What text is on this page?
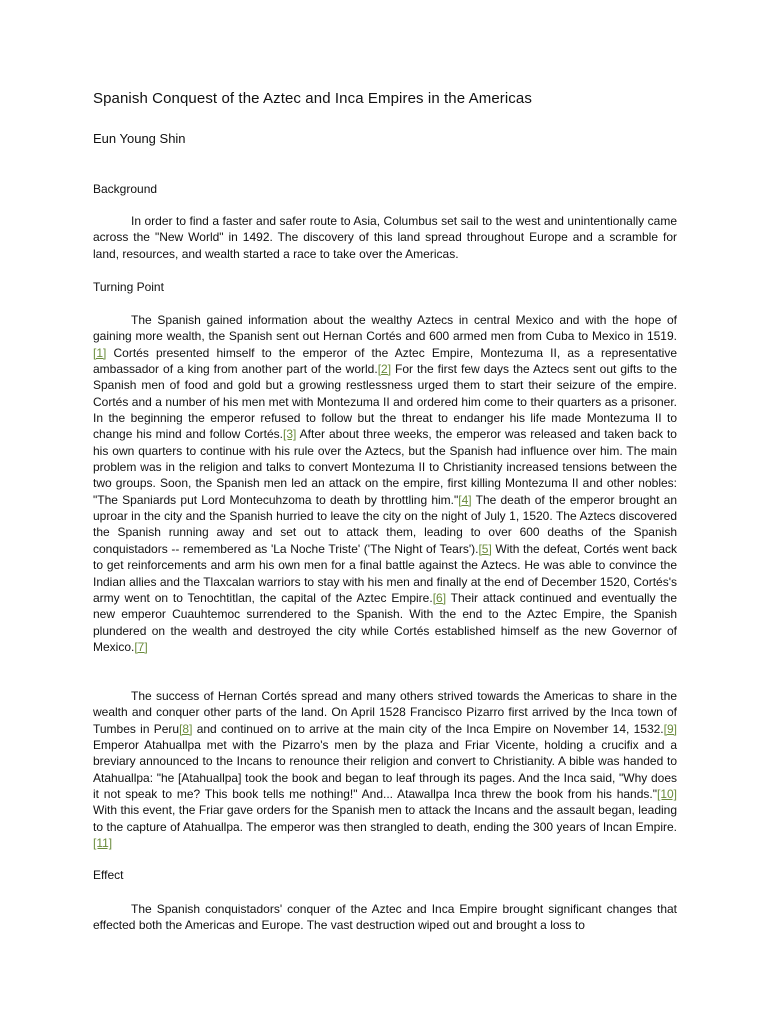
Spanish Conquest of the Aztec and Inca Empires in the Americas
Eun Young Shin
Background

In order to find a faster and safer route to Asia, Columbus set sail to the west and unintentionally came across the "New World" in 1492. The discovery of this land spread throughout Europe and a scramble for land, resources, and wealth started a race to take over the Americas.

Turning Point

The Spanish gained information about the wealthy Aztecs in central Mexico and with the hope of gaining more wealth, the Spanish sent out Hernan Cortés and 600 armed men from Cuba to Mexico in 1519.[1] Cortés presented himself to the emperor of the Aztec Empire, Montezuma II, as a representative ambassador of a king from another part of the world.[2] For the first few days the Aztecs sent out gifts to the Spanish men of food and gold but a growing restlessness urged them to start their seizure of the empire. Cortés and a number of his men met with Montezuma II and ordered him come to their quarters as a prisoner. In the beginning the emperor refused to follow but the threat to endanger his life made Montezuma II to change his mind and follow Cortés.[3] After about three weeks, the emperor was released and taken back to his own quarters to continue with his rule over the Aztecs, but the Spanish had influence over him. The main problem was in the religion and talks to convert Montezuma II to Christianity increased tensions between the two groups. Soon, the Spanish men led an attack on the empire, first killing Montezuma II and other nobles: "The Spaniards put Lord Montecuhzoma to death by throttling him."[4] The death of the emperor brought an uproar in the city and the Spanish hurried to leave the city on the night of July 1, 1520. The Aztecs discovered the Spanish running away and set out to attack them, leading to over 600 deaths of the Spanish conquistadors -- remembered as 'La Noche Triste' ('The Night of Tears').[5] With the defeat, Cortés went back to get reinforcements and arm his own men for a final battle against the Aztecs. He was able to convince the Indian allies and the Tlaxcalan warriors to stay with his men and finally at the end of December 1520, Cortés's army went on to Tenochtitlan, the capital of the Aztec Empire.[6] Their attack continued and eventually the new emperor Cuauhtemoc surrendered to the Spanish. With the end to the Aztec Empire, the Spanish plundered on the wealth and destroyed the city while Cortés established himself as the new Governor of Mexico.[7]

The success of Hernan Cortés spread and many others strived towards the Americas to share in the wealth and conquer other parts of the land. On April 1528 Francisco Pizarro first arrived by the Inca town of Tumbes in Peru[8] and continued on to arrive at the main city of the Inca Empire on November 14, 1532.[9] Emperor Atahuallpa met with the Pizarro's men by the plaza and Friar Vicente, holding a crucifix and a breviary announced to the Incans to renounce their religion and convert to Christianity. A bible was handed to Atahuallpa: "he [Atahuallpa] took the book and began to leaf through its pages. And the Inca said, "Why does it not speak to me? This book tells me nothing!" And... Atawallpa Inca threw the book from his hands."[10] With this event, the Friar gave orders for the Spanish men to attack the Incans and the assault began, leading to the capture of Atahuallpa. The emperor was then strangled to death, ending the 300 years of Incan Empire.[11]

Effect

The Spanish conquistadors' conquer of the Aztec and Inca Empire brought significant changes that effected both the Americas and Europe. The vast destruction wiped out and brought a loss to
